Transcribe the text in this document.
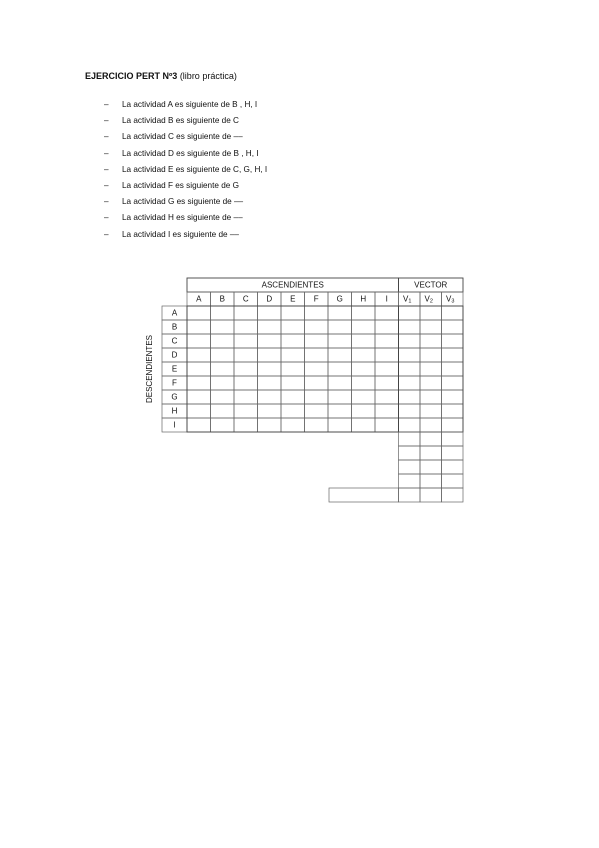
EJERCICIO PERT Nº3 (libro práctica)
– La actividad A es siguiente de B , H, I
– La actividad B es siguiente de C
– La actividad C es siguiente de ––
– La actividad D es siguiente de B , H, I
– La actividad E es siguiente de C, G, H, I
– La actividad F es siguiente de G
– La actividad G es siguiente de ––
– La actividad H es siguiente de ––
– La actividad I es siguiente de ––
ASCENDIENTES	VECTOR
A B C D E F G H I $V_1$ $V_2$ $V_3$
A
B
C
D
E
F
G
H
I
DESCENDIENTES
